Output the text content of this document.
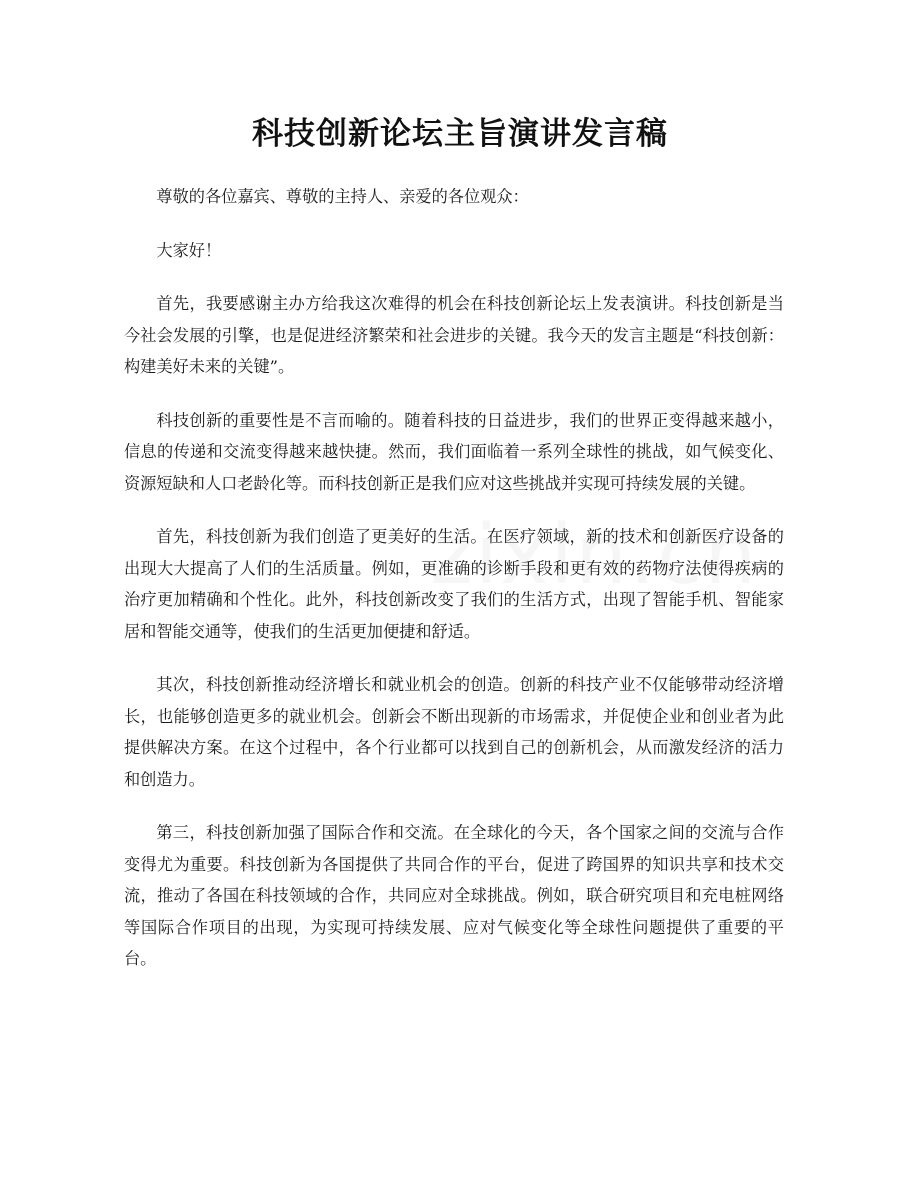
科技创新论坛主旨演讲发言稿

尊敬的各位嘉宾、尊敬的主持人、亲爱的各位观众：

大家好！

首先，我要感谢主办方给我这次难得的机会在科技创新论坛上发表演讲。科技创新是当今社会发展的引擎，也是促进经济繁荣和社会进步的关键。我今天的发言主题是“科技创新：构建美好未来的关键”。

科技创新的重要性是不言而喻的。随着科技的日益进步，我们的世界正变得越来越小，信息的传递和交流变得越来越快捷。然而，我们面临着一系列全球性的挑战，如气候变化、资源短缺和人口老龄化等。而科技创新正是我们应对这些挑战并实现可持续发展的关键。

首先，科技创新为我们创造了更美好的生活。在医疗领域，新的技术和创新医疗设备的出现大大提高了人们的生活质量。例如，更准确的诊断手段和更有效的药物疗法使得疾病的治疗更加精确和个性化。此外，科技创新改变了我们的生活方式，出现了智能手机、智能家居和智能交通等，使我们的生活更加便捷和舒适。

其次，科技创新推动经济增长和就业机会的创造。创新的科技产业不仅能够带动经济增长，也能够创造更多的就业机会。创新会不断出现新的市场需求，并促使企业和创业者为此提供解决方案。在这个过程中，各个行业都可以找到自己的创新机会，从而激发经济的活力和创造力。

第三，科技创新加强了国际合作和交流。在全球化的今天，各个国家之间的交流与合作变得尤为重要。科技创新为各国提供了共同合作的平台，促进了跨国界的知识共享和技术交流，推动了各国在科技领域的合作，共同应对全球挑战。例如，联合研究项目和充电桩网络等国际合作项目的出现，为实现可持续发展、应对气候变化等全球性问题提供了重要的平台。
